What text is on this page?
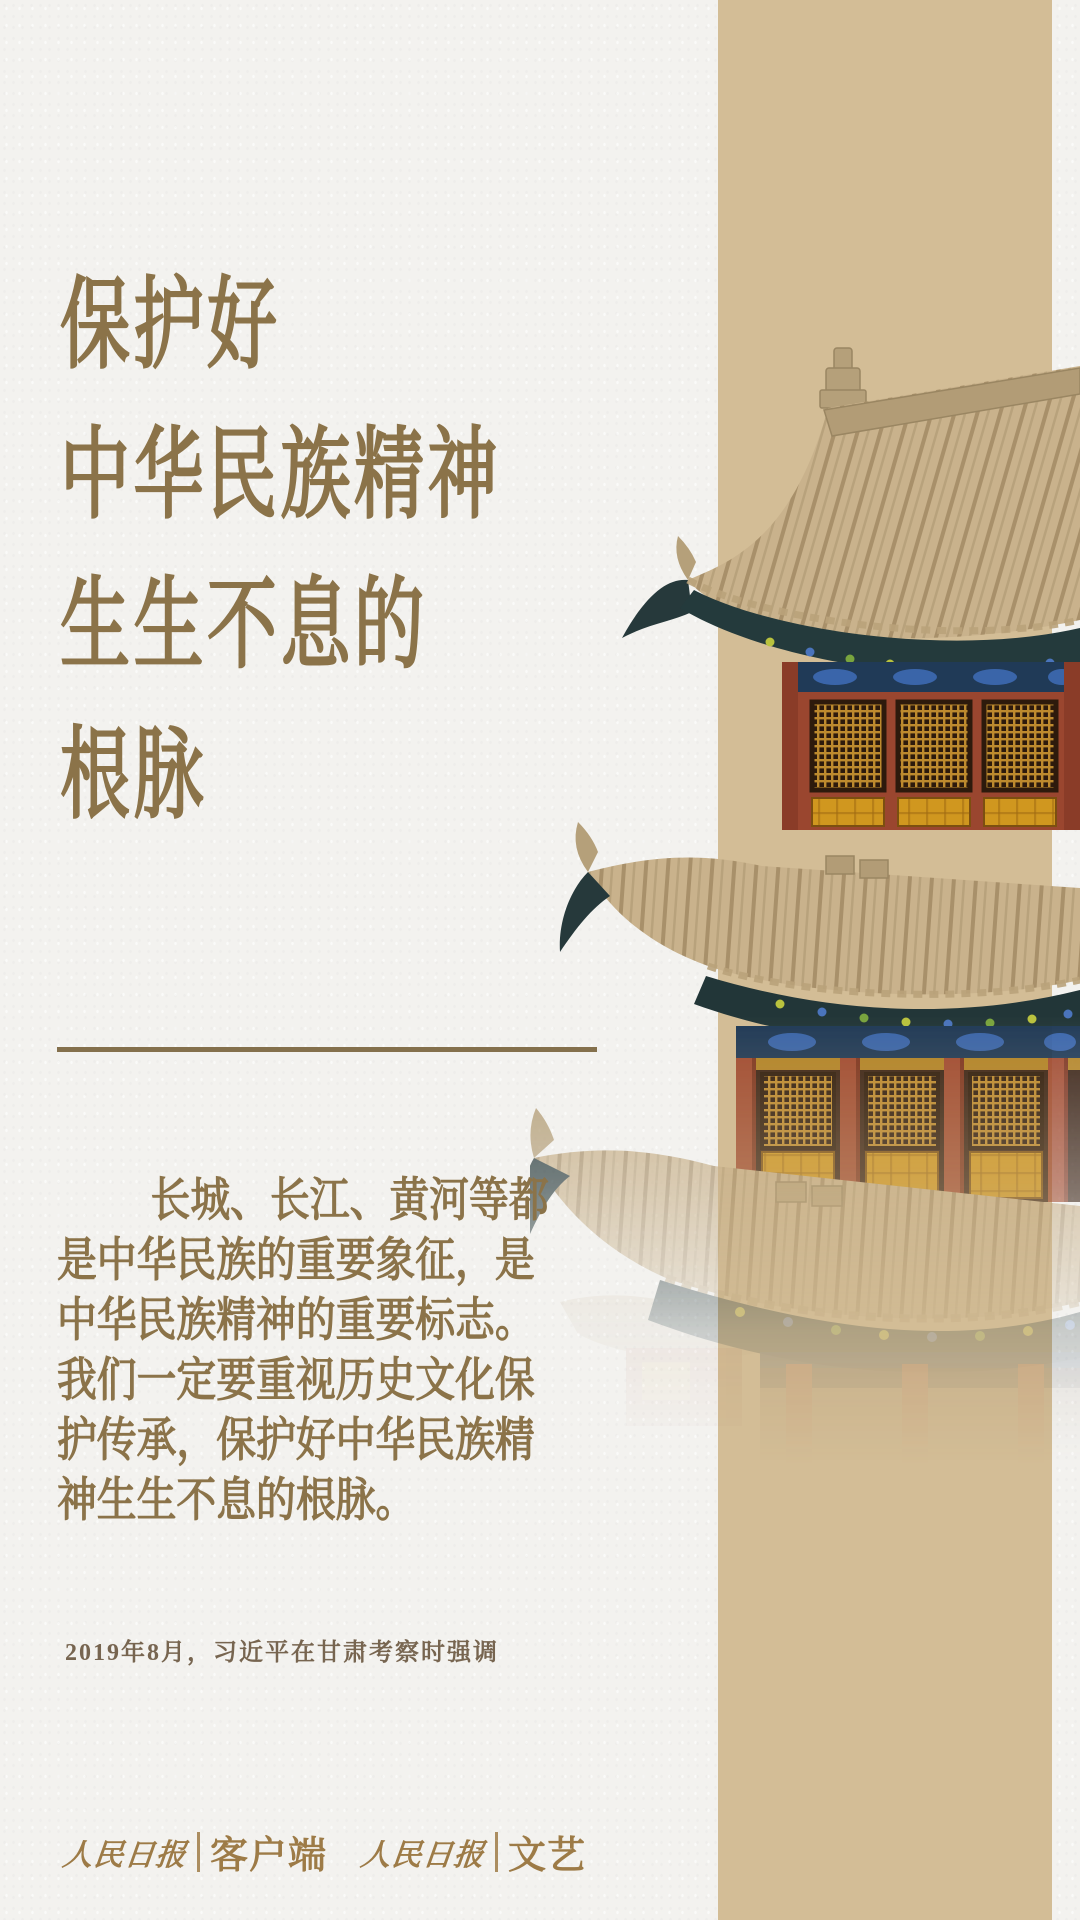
保护好
中华民族精神
生生不息的
根脉
长城、长江、黄河等都
是中华民族的重要象征，是
中华民族精神的重要标志。
我们一定要重视历史文化保
护传承，保护好中华民族精
神生生不息的根脉。
2019年8月，习近平在甘肃考察时强调
人民日报 客户端 人民日报 文艺
